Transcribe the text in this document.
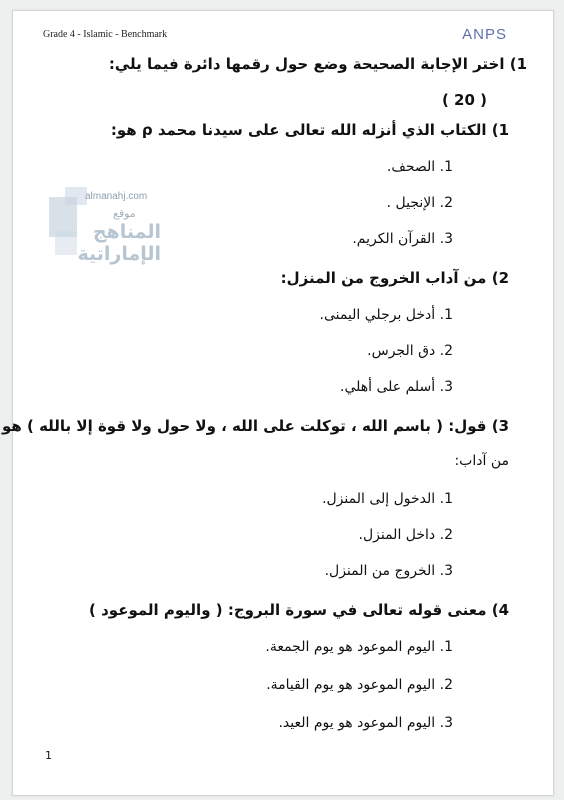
Grade 4 - Islamic - Benchmark	ANPS
1) اختر الإجابة الصحيحة وضع حول رقمها دائرة فيما يلي:
( 20 )
almanahj.com
موقع
المناهج الإماراتية
1) الكتاب الذي أنزله الله تعالى على سيدنا محمد ρ هو:
1. الصحف.
2. الإنجيل .
3. القرآن الكريم.
2) من آداب الخروج من المنزل:
1. أدخل برجلي اليمنى.
2. دق الجرس.
3. أسلم على أهلي.
3) قول: ( باسم الله ، توكلت على الله ، ولا حول ولا قوة إلا بالله ) هو
من آداب:
1. الدخول إلى المنزل.
2. داخل المنزل.
3. الخروج من المنزل.
4) معنى قوله تعالى في سورة البروج: ( واليوم الموعود )
1. اليوم الموعود هو يوم الجمعة.
2. اليوم الموعود هو يوم القيامة.
3. اليوم الموعود هو يوم العيد.
1
